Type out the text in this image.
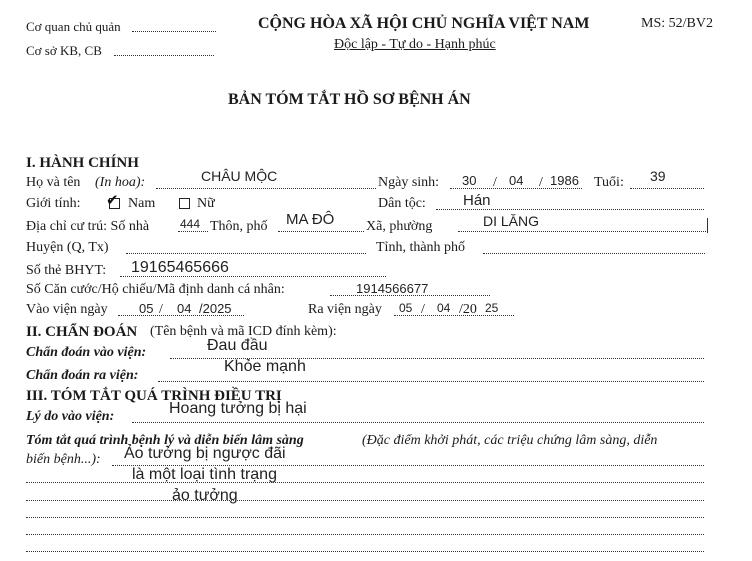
Cơ quan chủ quản
Cơ sở KB, CB
CỘNG HÒA XÃ HỘI CHỦ NGHĨA VIỆT NAM
Độc lập - Tự do - Hạnh phúc
MS: 52/BV2
BẢN TÓM TẮT HỒ SƠ BỆNH ÁN
I. HÀNH CHÍNH
Họ và tên (In hoa):	CHÂU MỘC	Ngày sinh: 30 / 04 / 1986 Tuổi: 39
Giới tính: ✔ Nam	Nữ	Dân tộc: Hán
Địa chỉ cư trú: Số nhà	444 Thôn, phố MA ĐÔ Xã, phường	DI LĂNG
Huyện (Q, Tx)	Tỉnh, thành phố
Số thẻ BHYT: 19165465666
Số Căn cước/Hộ chiếu/Mã định danh cá nhân:	1914566677
Vào viện ngày 05 / 04 /2025	Ra viện ngày 05 / 04 /20 25
II. CHẨN ĐOÁN (Tên bệnh và mã ICD đính kèm):
Chẩn đoán vào viện:	Đau đầu
Chẩn đoán ra viện:
Khỏe mạnh
III. TÓM TẮT QUÁ TRÌNH ĐIỀU TRỊ
Lý do vào viện:	Hoang tưởng bị hại
Tóm tắt quá trình bệnh lý và diễn biến lâm sàng	(Đặc điểm khởi phát, các triệu chứng lâm sàng, diễn
biến bệnh...): Ảo tưởng bị ngược đãi
là một loại tình trạng
ảo tưởng
